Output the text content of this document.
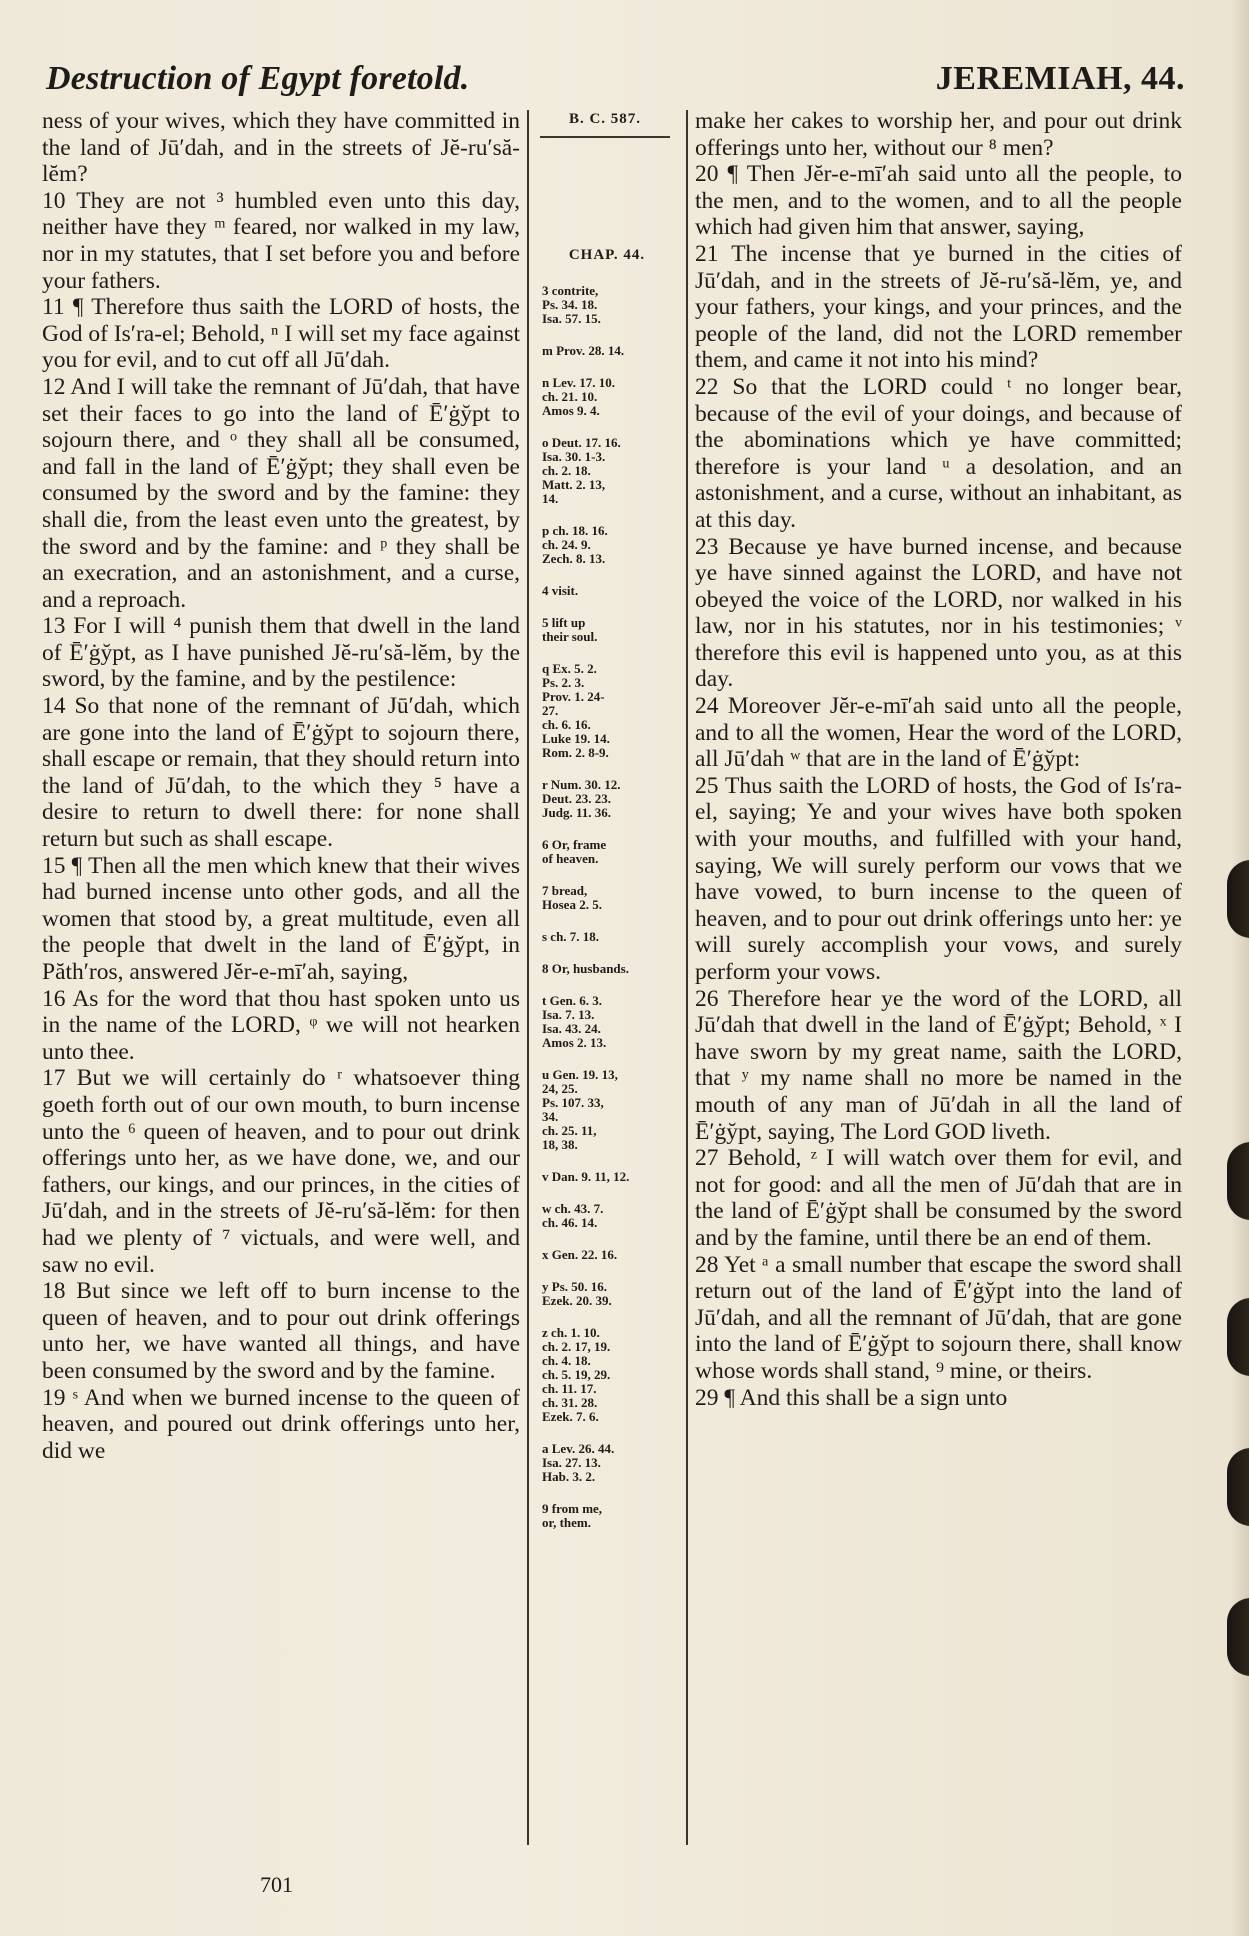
Destruction of Egypt foretold.	JEREMIAH, 44.

ness of your wives, which they have committed in the land of Jū′dah, and in the streets of Jĕ-ru′să-lĕm?

10 They are not ³ humbled even unto this day, neither have they ᵐ feared, nor walked in my law, nor in my statutes, that I set before you and before your fathers.

11 ¶ Therefore thus saith the LORD of hosts, the God of Is′ra-el; Behold, ⁿ I will set my face against you for evil, and to cut off all Jū′dah.

12 And I will take the remnant of Jū′dah, that have set their faces to go into the land of Ē′ġy̆pt to sojourn there, and ᵒ they shall all be consumed, and fall in the land of Ē′ġy̆pt; they shall even be consumed by the sword and by the famine: they shall die, from the least even unto the greatest, by the sword and by the famine: and ᵖ they shall be an execration, and an astonishment, and a curse, and a reproach.

13 For I will ⁴ punish them that dwell in the land of Ē′ġy̆pt, as I have punished Jĕ-ru′să-lĕm, by the sword, by the famine, and by the pestilence:

14 So that none of the remnant of Jū′dah, which are gone into the land of Ē′ġy̆pt to sojourn there, shall escape or remain, that they should return into the land of Jū′dah, to the which they ⁵ have a desire to return to dwell there: for none shall return but such as shall escape.

15 ¶ Then all the men which knew that their wives had burned incense unto other gods, and all the women that stood by, a great multitude, even all the people that dwelt in the land of Ē′ġy̆pt, in Păth′ros, answered Jĕr-e-mī′ah, saying,

16 As for the word that thou hast spoken unto us in the name of the LORD, ᵠ we will not hearken unto thee.

17 But we will certainly do ʳ whatsoever thing goeth forth out of our own mouth, to burn incense unto the ⁶ queen of heaven, and to pour out drink offerings unto her, as we have done, we, and our fathers, our kings, and our princes, in the cities of Jū′dah, and in the streets of Jĕ-ru′să-lĕm: for then had we plenty of ⁷ victuals, and were well, and saw no evil.

18 But since we left off to burn incense to the queen of heaven, and to pour out drink offerings unto her, we have wanted all things, and have been consumed by the sword and by the famine.

19 ˢ And when we burned incense to the queen of heaven, and poured out drink offerings unto her, did we

B. C. 587.
CHAP. 44.
3 contrite,
Ps. 34. 18.
Isa. 57. 15.
m Prov. 28. 14.
n Lev. 17. 10.
ch. 21. 10.
Amos 9. 4.
o Deut. 17. 16.
Isa. 30. 1-3.
ch. 2. 18.
Matt. 2. 13,
14.
p ch. 18. 16.
ch. 24. 9.
Zech. 8. 13.
4 visit.
5 lift up
their soul.
q Ex. 5. 2.
Ps. 2. 3.
Prov. 1. 24-
27.
ch. 6. 16.
Luke 19. 14.
Rom. 2. 8-9.
r Num. 30. 12.
Deut. 23. 23.
Judg. 11. 36.
6 Or, frame
of heaven.
7 bread,
Hosea 2. 5.
s ch. 7. 18.
8 Or, husbands.
t Gen. 6. 3.
Isa. 7. 13.
Isa. 43. 24.
Amos 2. 13.
u Gen. 19. 13,
24, 25.
Ps. 107. 33,
34.
ch. 25. 11,
18, 38.
v Dan. 9. 11, 12.
w ch. 43. 7.
ch. 46. 14.
x Gen. 22. 16.
y Ps. 50. 16.
Ezek. 20. 39.
z ch. 1. 10.
ch. 2. 17, 19.
ch. 4. 18.
ch. 5. 19, 29.
ch. 11. 17.
ch. 31. 28.
Ezek. 7. 6.
a Lev. 26. 44.
Isa. 27. 13.
Hab. 3. 2.
9 from me,
or, them.

make her cakes to worship her, and pour out drink offerings unto her, without our ⁸ men?

20 ¶ Then Jĕr-e-mī′ah said unto all the people, to the men, and to the women, and to all the people which had given him that answer, saying,

21 The incense that ye burned in the cities of Jū′dah, and in the streets of Jĕ-ru′să-lĕm, ye, and your fathers, your kings, and your princes, and the people of the land, did not the LORD remember them, and came it not into his mind?

22 So that the LORD could ᵗ no longer bear, because of the evil of your doings, and because of the abominations which ye have committed; therefore is your land ᵘ a desolation, and an astonishment, and a curse, without an inhabitant, as at this day.

23 Because ye have burned incense, and because ye have sinned against the LORD, and have not obeyed the voice of the LORD, nor walked in his law, nor in his statutes, nor in his testimonies; ᵛ therefore this evil is happened unto you, as at this day.

24 Moreover Jĕr-e-mī′ah said unto all the people, and to all the women, Hear the word of the LORD, all Jū′dah ʷ that are in the land of Ē′ġy̆pt:

25 Thus saith the LORD of hosts, the God of Is′ra-el, saying; Ye and your wives have both spoken with your mouths, and fulfilled with your hand, saying, We will surely perform our vows that we have vowed, to burn incense to the queen of heaven, and to pour out drink offerings unto her: ye will surely accomplish your vows, and surely perform your vows.

26 Therefore hear ye the word of the LORD, all Jū′dah that dwell in the land of Ē′ġy̆pt; Behold, ˣ I have sworn by my great name, saith the LORD, that ʸ my name shall no more be named in the mouth of any man of Jū′dah in all the land of Ē′ġy̆pt, saying, The Lord GOD liveth.

27 Behold, ᶻ I will watch over them for evil, and not for good: and all the men of Jū′dah that are in the land of Ē′ġy̆pt shall be consumed by the sword and by the famine, until there be an end of them.

28 Yet ᵃ a small number that escape the sword shall return out of the land of Ē′ġy̆pt into the land of Jū′dah, and all the remnant of Jū′dah, that are gone into the land of Ē′ġy̆pt to sojourn there, shall know whose words shall stand, ⁹ mine, or theirs.

29 ¶ And this shall be a sign unto

701
